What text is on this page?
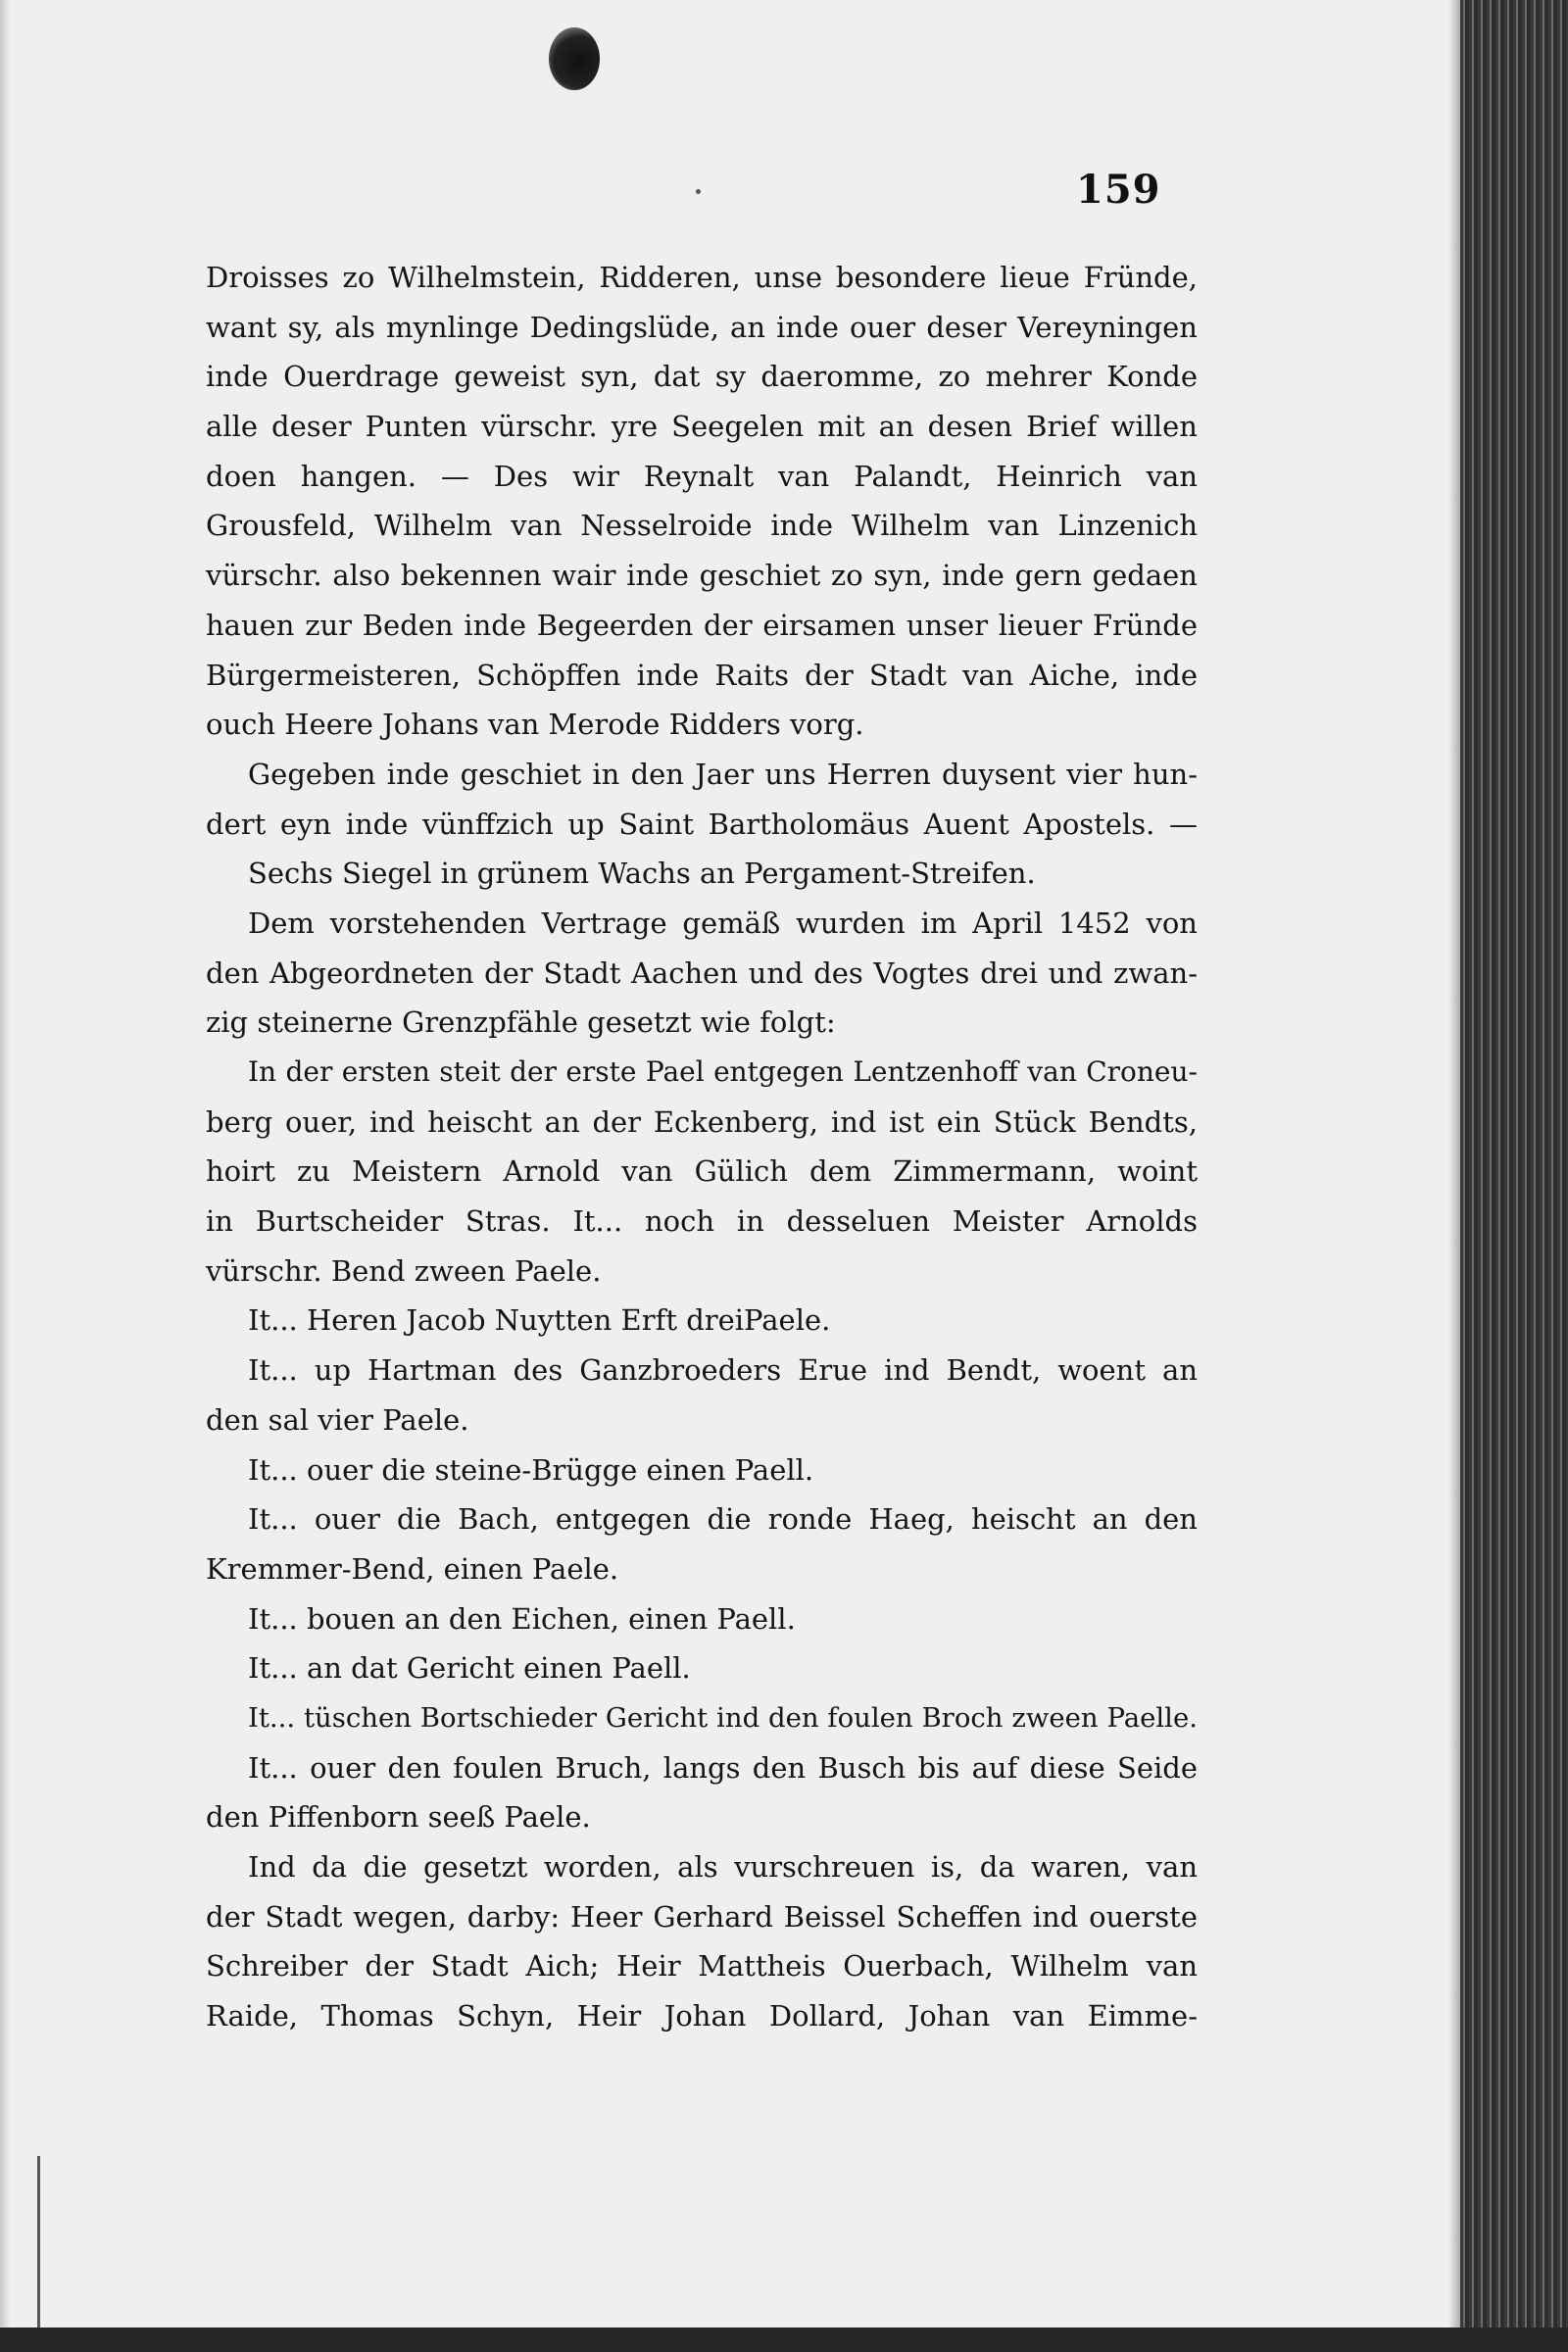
159
Droisses zo Wilhelmstein, Ridderen, unse besondere lieue Fründe,
want sy, als mynlinge Dedingslüde, an inde ouer deser Vereyningen
inde Ouerdrage geweist syn, dat sy daeromme, zo mehrer Konde
alle deser Punten vürschr. yre Seegelen mit an desen Brief willen
doen hangen. — Des wir Reynalt van Palandt, Heinrich van
Grousfeld, Wilhelm van Nesselroide inde Wilhelm van Linzenich
vürschr. also bekennen wair inde geschiet zo syn, inde gern gedaen
hauen zur Beden inde Begeerden der eirsamen unser lieuer Fründe
Bürgermeisteren, Schöpffen inde Raits der Stadt van Aiche, inde
ouch Heere Johans van Merode Ridders vorg.
Gegeben inde geschiet in den Jaer uns Herren duysent vier hun-
dert eyn inde vünffzich up Saint Bartholomäus Auent Apostels. —
Sechs Siegel in grünem Wachs an Pergament-Streifen.
Dem vorstehenden Vertrage gemäß wurden im April 1452 von
den Abgeordneten der Stadt Aachen und des Vogtes drei und zwan-
zig steinerne Grenzpfähle gesetzt wie folgt:
In der ersten steit der erste Pael entgegen Lentzenhoff van Croneu-
berg ouer, ind heischt an der Eckenberg, ind ist ein Stück Bendts,
hoirt zu Meistern Arnold van Gülich dem Zimmermann, woint
in Burtscheider Stras. It... noch in desseluen Meister Arnolds
vürschr. Bend zween Paele.
It... Heren Jacob Nuytten Erft dreiPaele.
It... up Hartman des Ganzbroeders Erue ind Bendt, woent an
den sal vier Paele.
It... ouer die steine-Brügge einen Paell.
It... ouer die Bach, entgegen die ronde Haeg, heischt an den
Kremmer-Bend, einen Paele.
It... bouen an den Eichen, einen Paell.
It... an dat Gericht einen Paell.
It... tüschen Bortschieder Gericht ind den foulen Broch zween Paelle.
It... ouer den foulen Bruch, langs den Busch bis auf diese Seide
den Piffenborn seeß Paele.
Ind da die gesetzt worden, als vurschreuen is, da waren, van
der Stadt wegen, darby: Heer Gerhard Beissel Scheffen ind ouerste
Schreiber der Stadt Aich; Heir Mattheis Ouerbach, Wilhelm van
Raide, Thomas Schyn, Heir Johan Dollard, Johan van Eimme-
